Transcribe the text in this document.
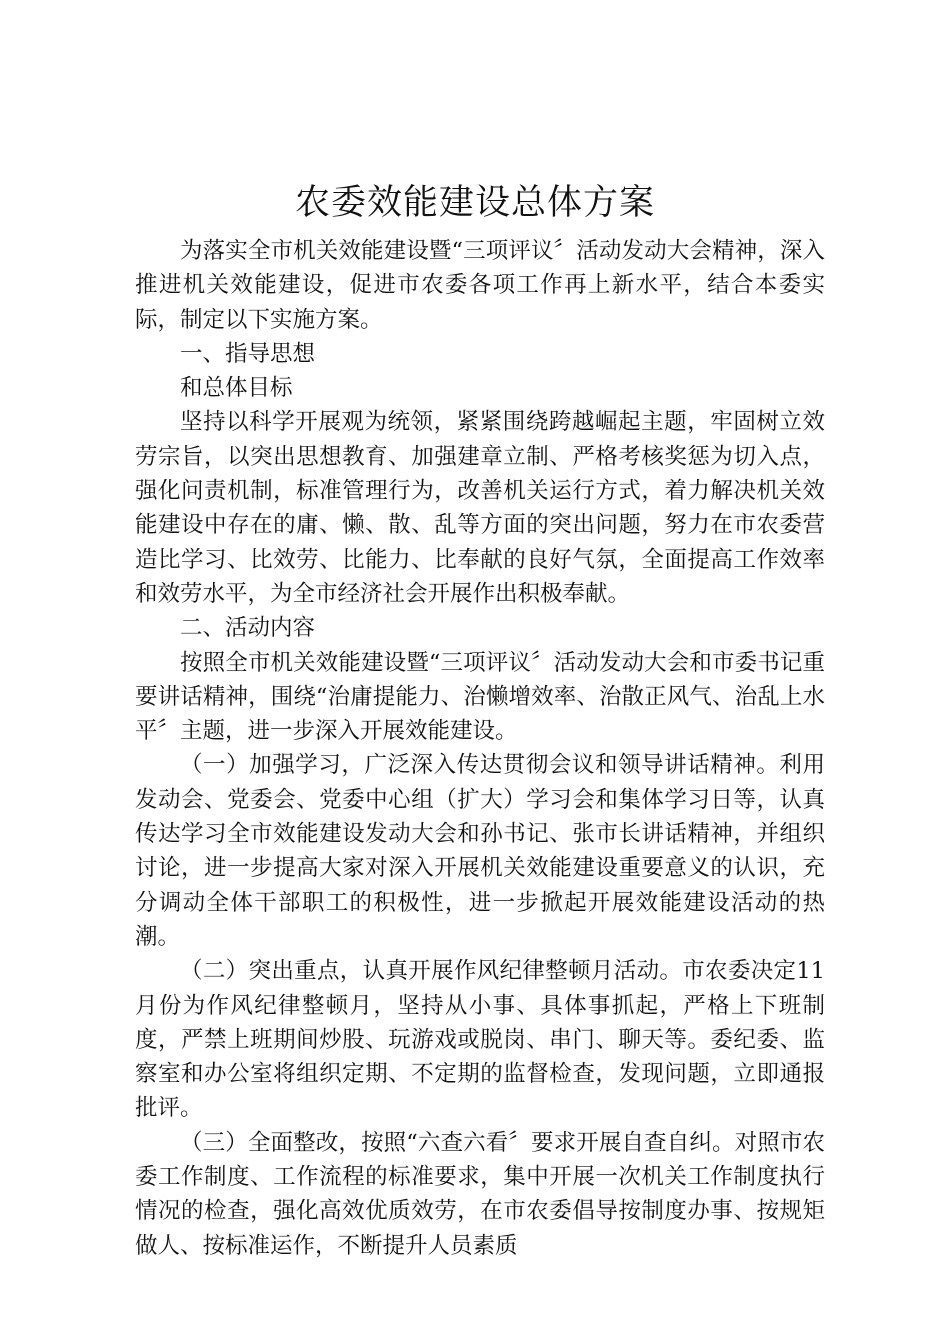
农委效能建设总体方案

为落实全市机关效能建设暨“三项评议〞活动发动大会精神，深入推进机关效能建设，促进市农委各项工作再上新水平，结合本委实际，制定以下实施方案。

一、指导思想

和总体目标

坚持以科学开展观为统领，紧紧围绕跨越崛起主题，牢固树立效劳宗旨，以突出思想教育、加强建章立制、严格考核奖惩为切入点，强化问责机制，标准管理行为，改善机关运行方式，着力解决机关效能建设中存在的庸、懒、散、乱等方面的突出问题，努力在市农委营造比学习、比效劳、比能力、比奉献的良好气氛，全面提高工作效率和效劳水平，为全市经济社会开展作出积极奉献。

二、活动内容

按照全市机关效能建设暨“三项评议〞活动发动大会和市委书记重要讲话精神，围绕“治庸提能力、治懒增效率、治散正风气、治乱上水平〞主题，进一步深入开展效能建设。

（一）加强学习，广泛深入传达贯彻会议和领导讲话精神。利用发动会、党委会、党委中心组（扩大）学习会和集体学习日等，认真传达学习全市效能建设发动大会和孙书记、张市长讲话精神，并组织讨论，进一步提高大家对深入开展机关效能建设重要意义的认识，充分调动全体干部职工的积极性，进一步掀起开展效能建设活动的热潮。

（二）突出重点，认真开展作风纪律整顿月活动。市农委决定11月份为作风纪律整顿月，坚持从小事、具体事抓起，严格上下班制度，严禁上班期间炒股、玩游戏或脱岗、串门、聊天等。委纪委、监察室和办公室将组织定期、不定期的监督检查，发现问题，立即通报批评。

（三）全面整改，按照“六查六看〞要求开展自查自纠。对照市农委工作制度、工作流程的标准要求，集中开展一次机关工作制度执行情况的检查，强化高效优质效劳，在市农委倡导按制度办事、按规矩做人、按标准运作，不断提升人员素质
